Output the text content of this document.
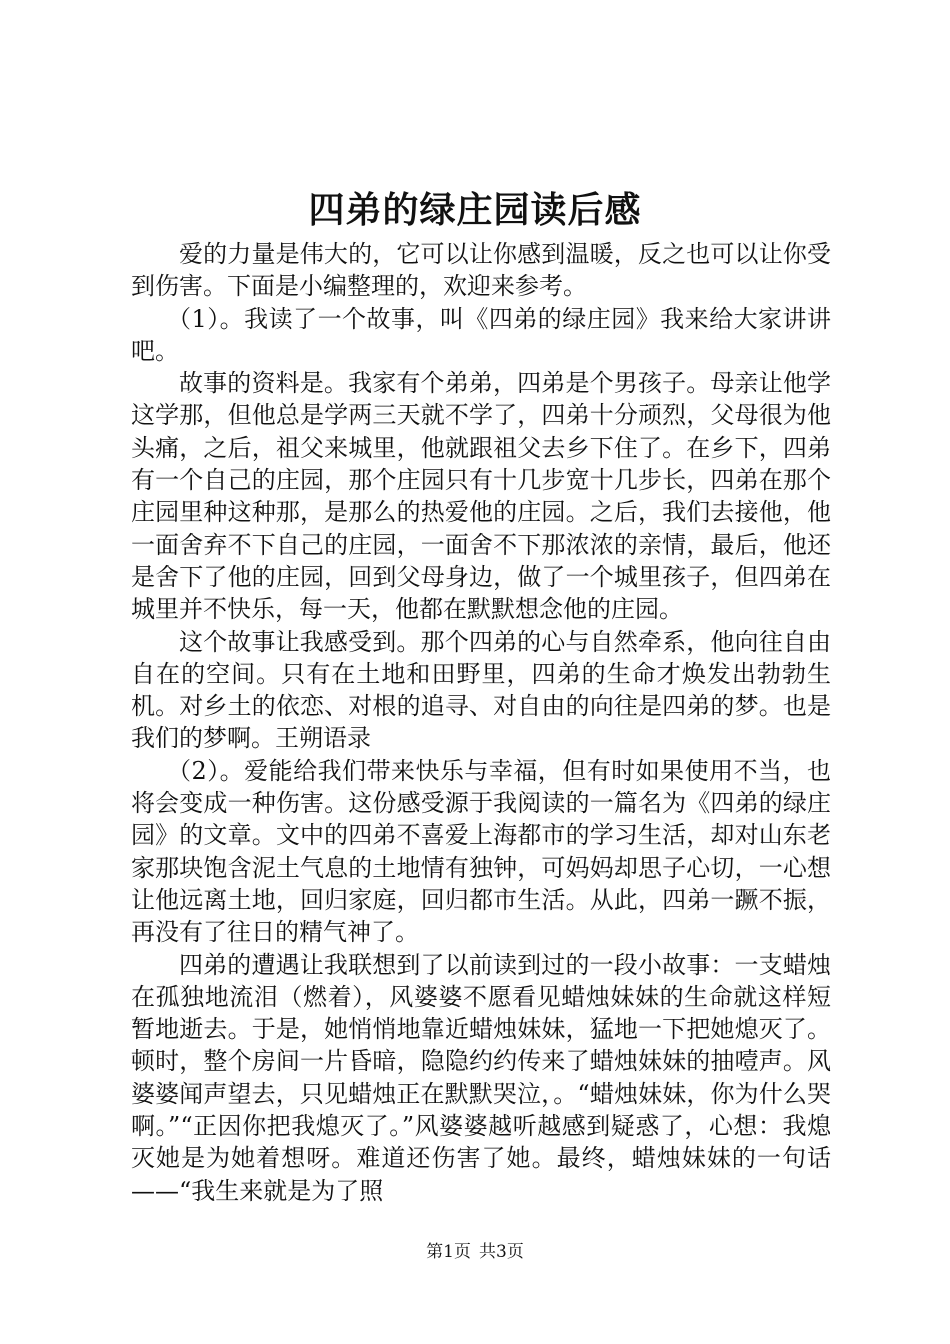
四弟的绿庄园读后感

爱的力量是伟大的，它可以让你感到温暖，反之也可以让你受到伤害。下面是小编整理的，欢迎来参考。

（1）。我读了一个故事，叫《四弟的绿庄园》我来给大家讲讲吧。

故事的资料是。我家有个弟弟，四弟是个男孩子。母亲让他学这学那，但他总是学两三天就不学了，四弟十分顽烈，父母很为他头痛，之后，祖父来城里，他就跟祖父去乡下住了。在乡下，四弟有一个自己的庄园，那个庄园只有十几步宽十几步长，四弟在那个庄园里种这种那，是那么的热爱他的庄园。之后，我们去接他，他一面舍弃不下自己的庄园，一面舍不下那浓浓的亲情，最后，他还是舍下了他的庄园，回到父母身边，做了一个城里孩子，但四弟在城里并不快乐，每一天，他都在默默想念他的庄园。

这个故事让我感受到。那个四弟的心与自然牵系，他向往自由自在的空间。只有在土地和田野里，四弟的生命才焕发出勃勃生机。对乡土的依恋、对根的追寻、对自由的向往是四弟的梦。也是我们的梦啊。王朔语录

（2）。爱能给我们带来快乐与幸福，但有时如果使用不当，也将会变成一种伤害。这份感受源于我阅读的一篇名为《四弟的绿庄园》的文章。文中的四弟不喜爱上海都市的学习生活，却对山东老家那块饱含泥土气息的土地情有独钟，可妈妈却思子心切，一心想让他远离土地，回归家庭，回归都市生活。从此，四弟一蹶不振，再没有了往日的精气神了。

四弟的遭遇让我联想到了以前读到过的一段小故事：一支蜡烛在孤独地流泪（燃着），风婆婆不愿看见蜡烛妹妹的生命就这样短暂地逝去。于是，她悄悄地靠近蜡烛妹妹，猛地一下把她熄灭了。顿时，整个房间一片昏暗，隐隐约约传来了蜡烛妹妹的抽噎声。风婆婆闻声望去，只见蜡烛正在默默哭泣，。“蜡烛妹妹，你为什么哭啊。”“正因你把我熄灭了。”风婆婆越听越感到疑惑了，心想：我熄灭她是为她着想呀。难道还伤害了她。最终，蜡烛妹妹的一句话——“我生来就是为了照

第1页 共3页
